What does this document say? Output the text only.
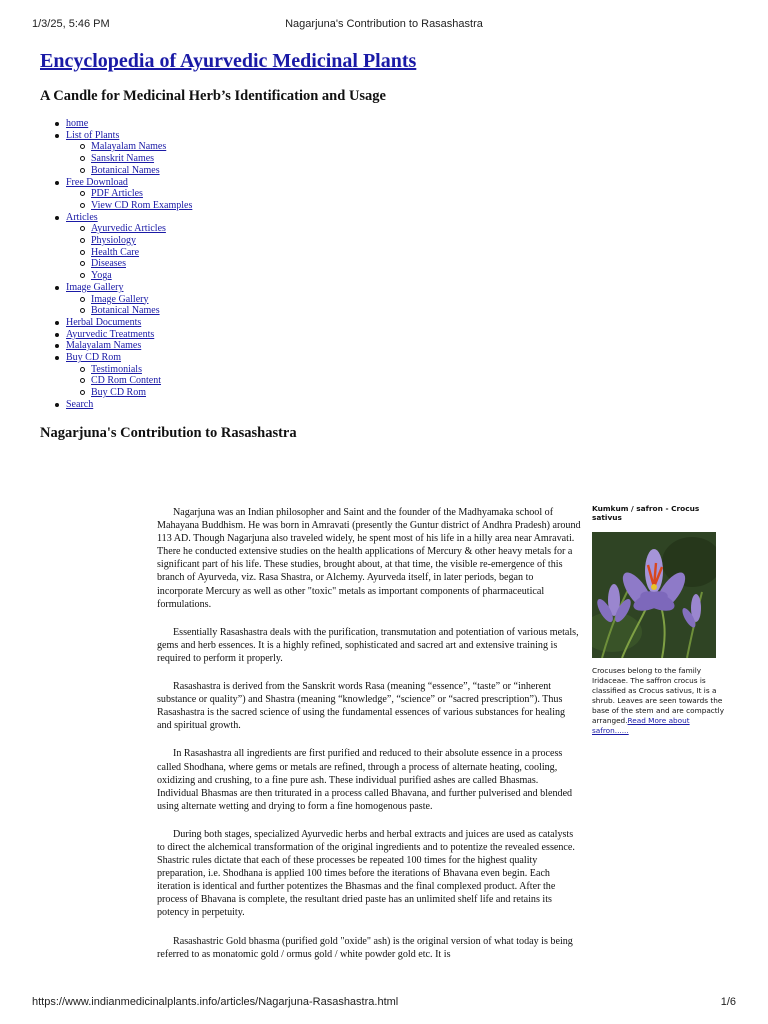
1/3/25, 5:46 PM	Nagarjuna's Contribution to Rasashastra
Encyclopedia of Ayurvedic Medicinal Plants
A Candle for Medicinal Herb’s Identification and Usage
home
List of Plants
Malayalam Names
Sanskrit Names
Botanical Names
Free Download
PDF Articles
View CD Rom Examples
Articles
Ayurvedic Articles
Physiology
Health Care
Diseases
Yoga
Image Gallery
Image Gallery
Botanical Names
Herbal Documents
Ayurvedic Treatments
Malayalam Names
Buy CD Rom
Testimonials
CD Rom Content
Buy CD Rom
Search
Nagarjuna's Contribution to Rasashastra

Nagarjuna was an Indian philosopher and Saint and the founder of the Madhyamaka school of Mahayana Buddhism. He was born in Amravati (presently the Guntur district of Andhra Pradesh) around 113 AD. Though Nagarjuna also traveled widely, he spent most of his life in a hilly area near Amravati. There he conducted extensive studies on the health applications of Mercury & other heavy metals for a significant part of his life. These studies, brought about, at that time, the visible re-emergence of this branch of Ayurveda, viz. Rasa Shastra, or Alchemy. Ayurveda itself, in later periods, began to incorporate Mercury as well as other "toxic" metals as important components of pharmaceutical formulations.

Essentially Rasashastra deals with the purification, transmutation and potentiation of various metals, gems and herb essences. It is a highly refined, sophisticated and sacred art and extensive training is required to perform it properly.

Rasashastra is derived from the Sanskrit words Rasa (meaning “essence”, “taste” or “inherent substance or quality”) and Shastra (meaning “knowledge”, “science” or “sacred prescription”). Thus Rasashastra is the sacred science of using the fundamental essences of various substances for healing and spiritual growth.

In Rasashastra all ingredients are first purified and reduced to their absolute essence in a process called Shodhana, where gems or metals are refined, through a process of alternate heating, cooling, oxidizing and crushing, to a fine pure ash. These individual purified ashes are called Bhasmas. Individual Bhasmas are then triturated in a process called Bhavana, and further pulverised and blended using alternate wetting and drying to form a fine homogenous paste.

During both stages, specialized Ayurvedic herbs and herbal extracts and juices are used as catalysts to direct the alchemical transformation of the original ingredients and to potentize the revealed essence. Shastric rules dictate that each of these processes be repeated 100 times for the highest quality preparation, i.e. Shodhana is applied 100 times before the iterations of Bhavana even begin. Each iteration is identical and further potentizes the Bhasmas and the final complexed product. After the process of Bhavana is complete, the resultant dried paste has an unlimited shelf life and retains its potency in perpetuity.

Rasashastric Gold bhasma (purified gold "oxide" ash) is the original version of what today is being referred to as monatomic gold / ormus gold / white powder gold etc. It is

Kumkum / safron - Crocus sativus
Crocuses belong to the family Iridaceae. The saffron crocus is classified as Crocus sativus, It is a shrub. Leaves are seen towards the base of the stem and are compactly arranged.Read More about safron......
https://www.indianmedicinalplants.info/articles/Nagarjuna-Rasashastra.html	1/6
